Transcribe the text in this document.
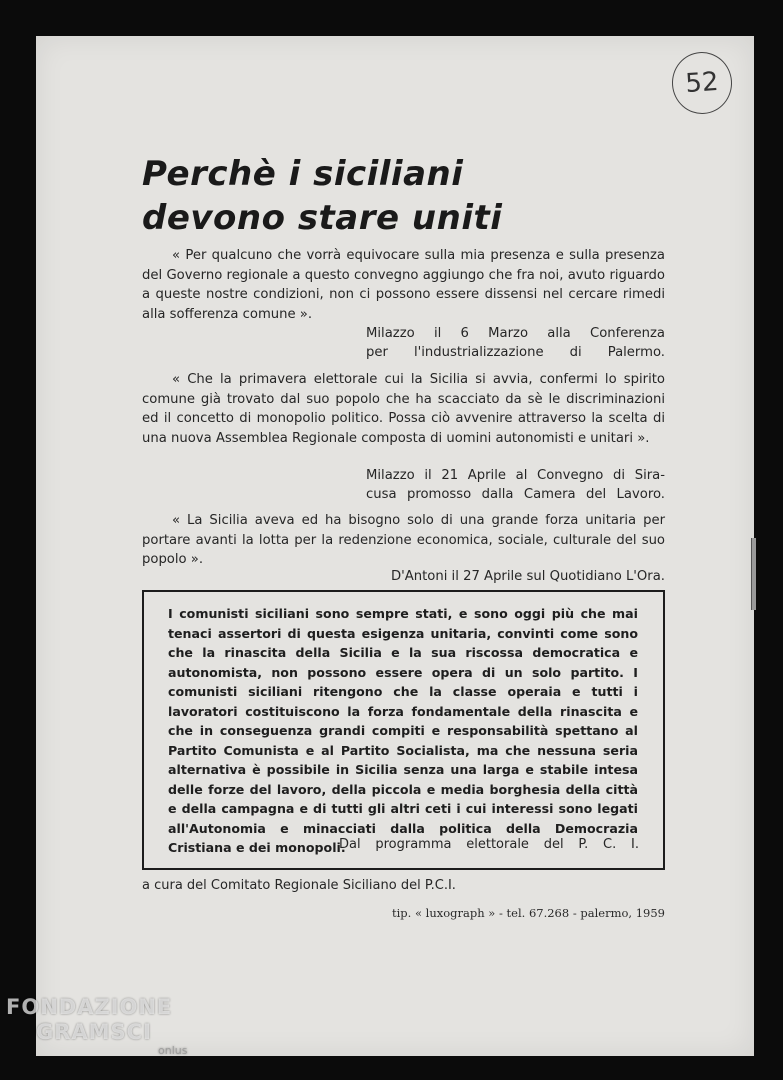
52
Perchè i siciliani
devono stare uniti
« Per qualcuno che vorrà equivocare sulla mia presenza e sulla presenza del Governo regionale a questo convegno aggiungo che fra noi, avuto riguardo a queste nostre condizioni, non ci possono essere dissensi nel cercare rimedi alla sofferenza comune ».
Milazzo il 6 Marzo alla Conferenza
per l'industrializzazione di Palermo.
« Che la primavera elettorale cui la Sicilia si avvia, confermi lo spirito comune già trovato dal suo popolo che ha scacciato da sè le discriminazioni ed il concetto di monopolio politico. Possa ciò avvenire attraverso la scelta di una nuova Assemblea Regionale composta di uomini autonomisti e unitari ».
Milazzo il 21 Aprile al Convegno di Sira-
cusa promosso dalla Camera del Lavoro.
« La Sicilia aveva ed ha bisogno solo di una grande forza unitaria per portare avanti la lotta per la redenzione economica, sociale, culturale del suo popolo ».
D'Antoni il 27 Aprile sul Quotidiano L'Ora.
I comunisti siciliani sono sempre stati, e sono oggi più che mai tenaci assertori di questa esigenza unitaria, convinti come sono che la rinascita della Sicilia e la sua riscossa democratica e autonomista, non possono essere opera di un solo partito. I comunisti siciliani ritengono che la classe operaia e tutti i lavoratori costituiscono la forza fondamentale della rinascita e che in conseguenza grandi compiti e responsabilità spettano al Partito Comunista e al Partito Socialista, ma che nessuna seria alternativa è possibile in Sicilia senza una larga e stabile intesa delle forze del lavoro, della piccola e media borghesia della città e della campagna e di tutti gli altri ceti i cui interessi sono legati all'Autonomia e minacciati dalla politica della Democrazia Cristiana e dei monopoli.
Dal programma elettorale del P. C. I.
a cura del Comitato Regionale Siciliano del P.C.I.
tip. « luxograph » - tel. 67.268 - palermo, 1959
FONDAZIONE
GRAMSCI
onlus
